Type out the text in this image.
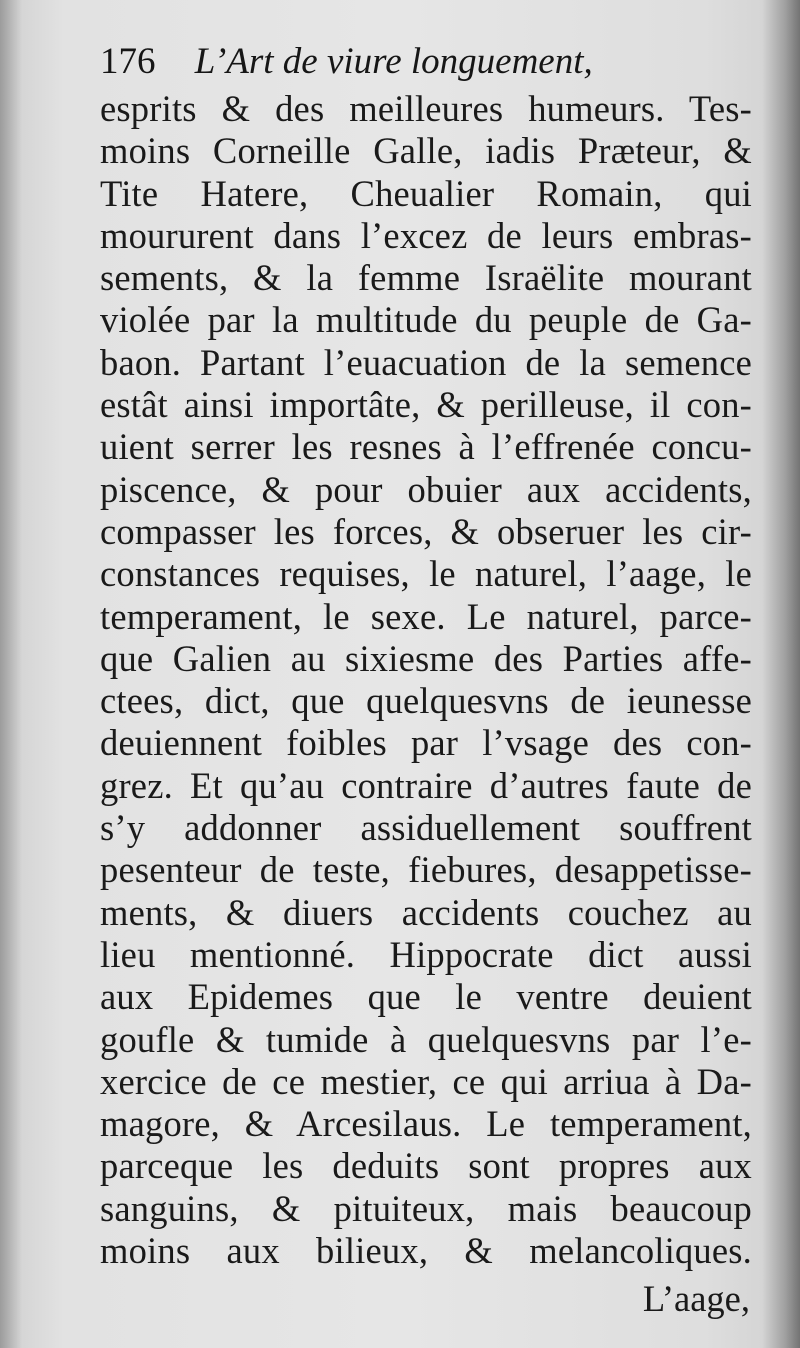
176 L’Art de viure longuement,
esprits & des meilleures humeurs. Tes-
moins Corneille Galle, iadis Præteur, &
Tite Hatere, Cheualier Romain, qui
moururent dans l’excez de leurs embras-
sements, & la femme Israëlite mourant
violée par la multitude du peuple de Ga-
baon. Partant l’euacuation de la semence
estât ainsi importâte, & perilleuse, il con-
uient serrer les resnes à l’effrenée concu-
piscence, & pour obuier aux accidents,
compasser les forces, & obseruer les cir-
constances requises, le naturel, l’aage, le
temperament, le sexe. Le naturel, parce-
que Galien au sixiesme des Parties affe-
ctees, dict, que quelquesvns de ieunesse
deuiennent foibles par l’vsage des con-
grez. Et qu’au contraire d’autres faute de
s’y addonner assiduellement souffrent
pesenteur de teste, fiebures, desappetisse-
ments, & diuers accidents couchez au
lieu mentionné. Hippocrate dict aussi
aux Epidemes que le ventre deuient
goufle & tumide à quelquesvns par l’e-
xercice de ce mestier, ce qui arriua à Da-
magore, & Arcesilaus. Le temperament,
parceque les deduits sont propres aux
sanguins, & pituiteux, mais beaucoup
moins aux bilieux, & melancoliques.
L’aage,
